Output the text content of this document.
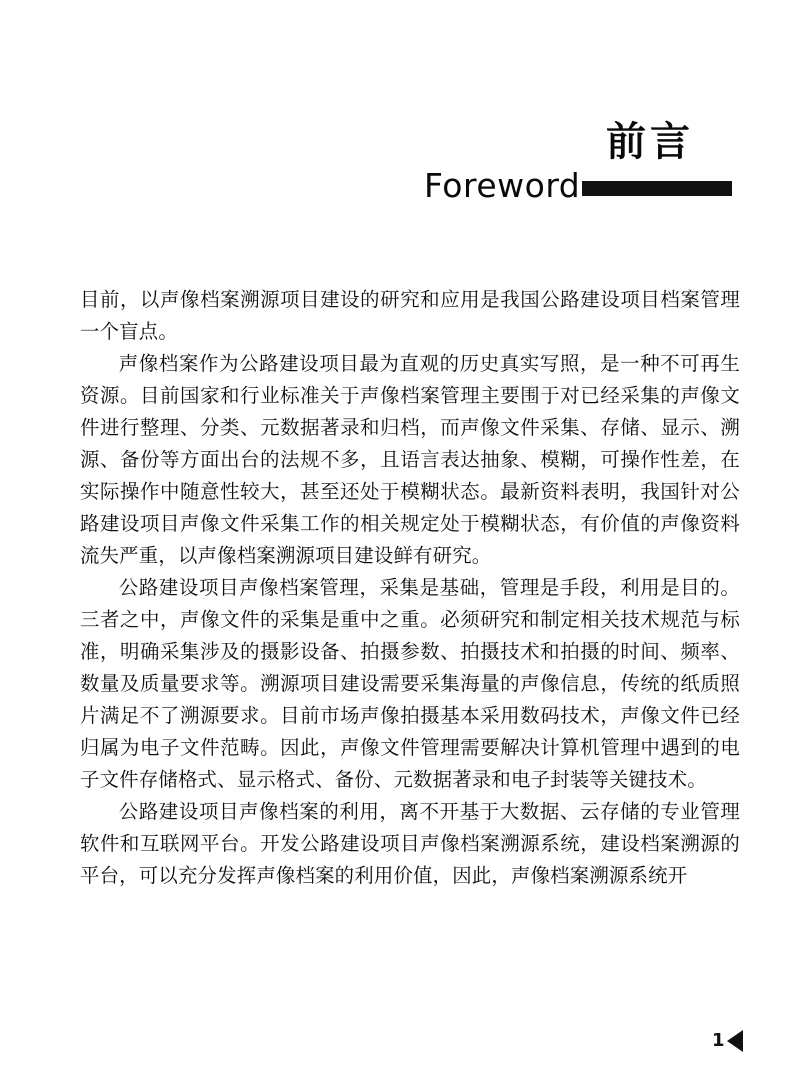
前言
Foreword

目前，以声像档案溯源项目建设的研究和应用是我国公路建设项目档案管理一个盲点。

声像档案作为公路建设项目最为直观的历史真实写照，是一种不可再生资源。目前国家和行业标准关于声像档案管理主要围于对已经采集的声像文件进行整理、分类、元数据著录和归档，而声像文件采集、存储、显示、溯源、备份等方面出台的法规不多，且语言表达抽象、模糊，可操作性差，在实际操作中随意性较大，甚至还处于模糊状态。最新资料表明，我国针对公路建设项目声像文件采集工作的相关规定处于模糊状态，有价值的声像资料流失严重，以声像档案溯源项目建设鲜有研究。

公路建设项目声像档案管理，采集是基础，管理是手段，利用是目的。三者之中，声像文件的采集是重中之重。必须研究和制定相关技术规范与标准，明确采集涉及的摄影设备、拍摄参数、拍摄技术和拍摄的时间、频率、数量及质量要求等。溯源项目建设需要采集海量的声像信息，传统的纸质照片满足不了溯源要求。目前市场声像拍摄基本采用数码技术，声像文件已经归属为电子文件范畴。因此，声像文件管理需要解决计算机管理中遇到的电子文件存储格式、显示格式、备份、元数据著录和电子封装等关键技术。

公路建设项目声像档案的利用，离不开基于大数据、云存储的专业管理软件和互联网平台。开发公路建设项目声像档案溯源系统，建设档案溯源的平台，可以充分发挥声像档案的利用价值，因此，声像档案溯源系统开

1
